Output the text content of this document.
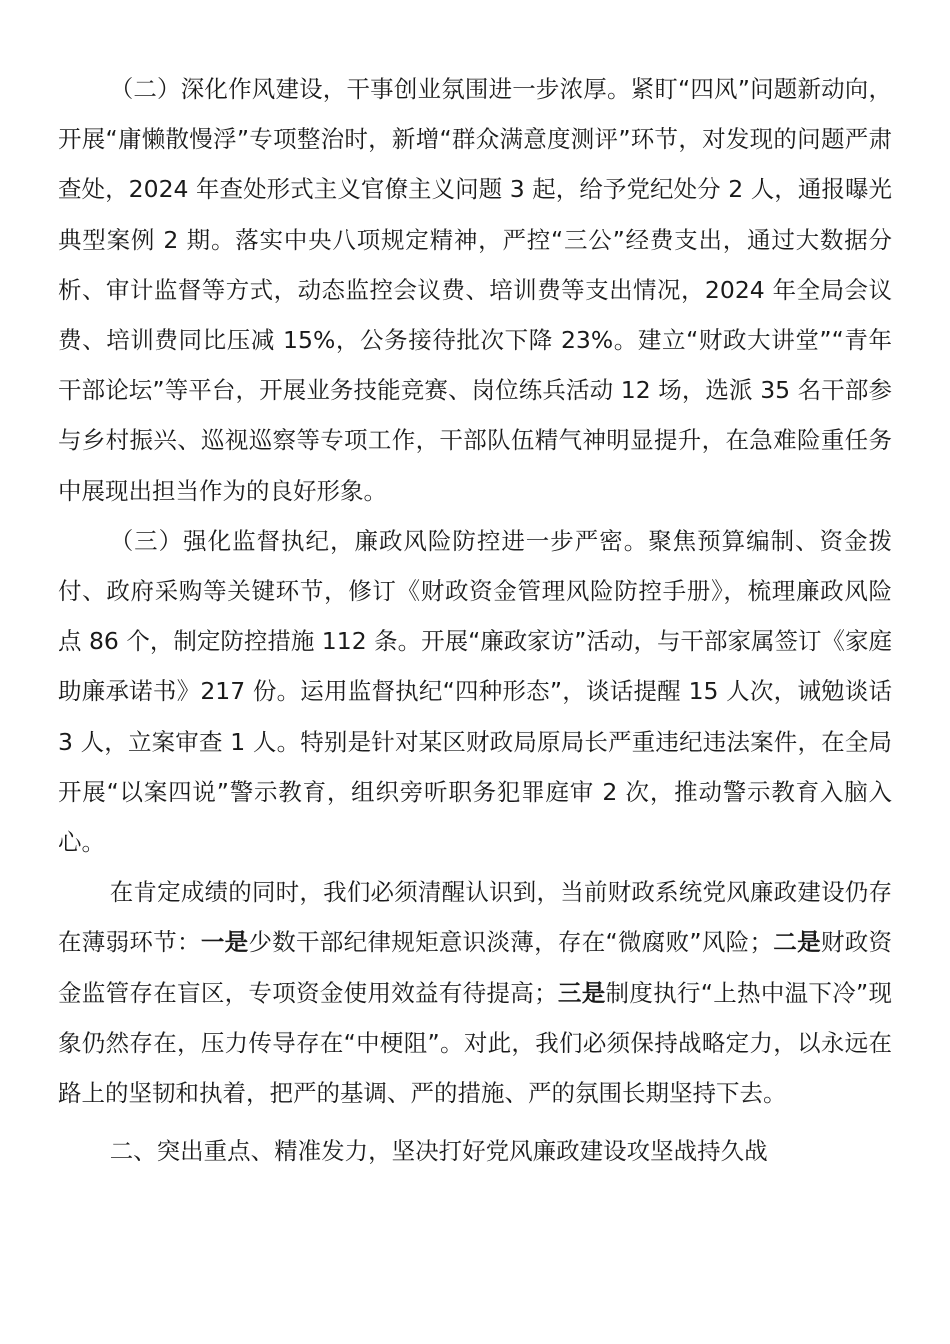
（二）深化作风建设，干事创业氛围进一步浓厚。紧盯“四风”问题新动向，开展“庸懒散慢浮”专项整治时，新增“群众满意度测评”环节，对发现的问题严肃查处，2024 年查处形式主义官僚主义问题 3 起，给予党纪处分 2 人，通报曝光典型案例 2 期。落实中央八项规定精神，严控“三公”经费支出，通过大数据分析、审计监督等方式，动态监控会议费、培训费等支出情况，2024 年全局会议费、培训费同比压减 15%，公务接待批次下降 23%。建立“财政大讲堂”“青年干部论坛”等平台，开展业务技能竞赛、岗位练兵活动 12 场，选派 35 名干部参与乡村振兴、巡视巡察等专项工作，干部队伍精气神明显提升，在急难险重任务中展现出担当作为的良好形象。

（三）强化监督执纪，廉政风险防控进一步严密。聚焦预算编制、资金拨付、政府采购等关键环节，修订《财政资金管理风险防控手册》，梳理廉政风险点 86 个，制定防控措施 112 条。开展“廉政家访”活动，与干部家属签订《家庭助廉承诺书》217 份。运用监督执纪“四种形态”，谈话提醒 15 人次，诫勉谈话 3 人，立案审查 1 人。特别是针对某区财政局原局长严重违纪违法案件，在全局开展“以案四说”警示教育，组织旁听职务犯罪庭审 2 次，推动警示教育入脑入心。

在肯定成绩的同时，我们必须清醒认识到，当前财政系统党风廉政建设仍存在薄弱环节：一是少数干部纪律规矩意识淡薄，存在“微腐败”风险；二是财政资金监管存在盲区，专项资金使用效益有待提高；三是制度执行“上热中温下冷”现象仍然存在，压力传导存在“中梗阻”。对此，我们必须保持战略定力，以永远在路上的坚韧和执着，把严的基调、严的措施、严的氛围长期坚持下去。

二、突出重点、精准发力，坚决打好党风廉政建设攻坚战持久战
